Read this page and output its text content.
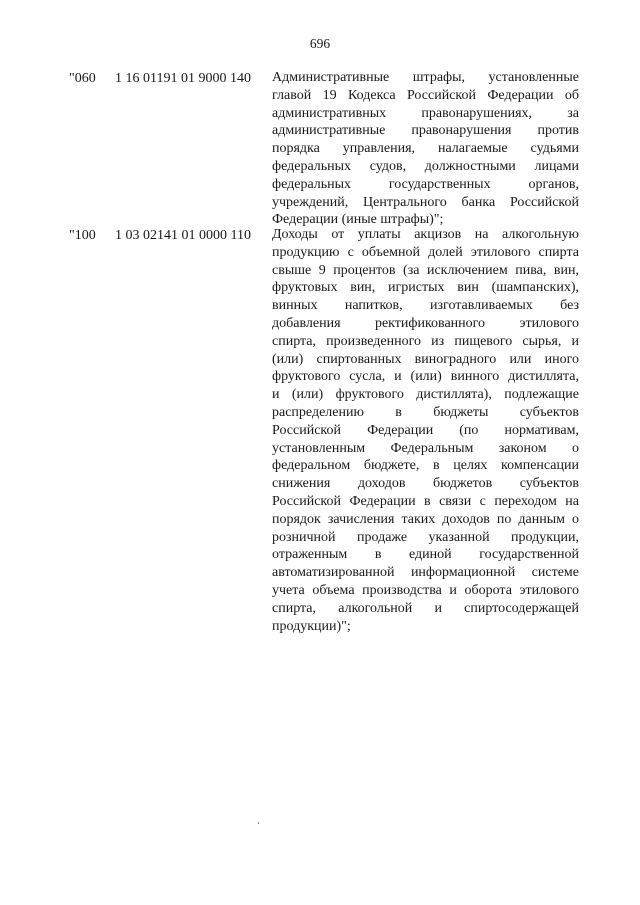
696
"060 1 16 01191 01 9000 140 Административные штрафы, установленные
главой 19 Кодекса Российской Федерации об
административных правонарушениях, за
административные правонарушения против
порядка управления, налагаемые судьями
федеральных судов, должностными лицами
федеральных государственных органов,
учреждений, Центрального банка Российской
Федерации (иные штрафы)";
"100 1 03 02141 01 0000 110 Доходы от уплаты акцизов на алкогольную
продукцию с объемной долей этилового спирта
свыше 9 процентов (за исключением пива, вин,
фруктовых вин, игристых вин (шампанских),
винных напитков, изготавливаемых без
добавления ректификованного этилового
спирта, произведенного из пищевого сырья, и
(или) спиртованных виноградного или иного
фруктового сусла, и (или) винного дистиллята,
и (или) фруктового дистиллята), подлежащие
распределению в бюджеты субъектов
Российской Федерации (по нормативам,
установленным Федеральным законом о
федеральном бюджете, в целях компенсации
снижения доходов бюджетов субъектов
Российской Федерации в связи с переходом на
порядок зачисления таких доходов по данным о
розничной продаже указанной продукции,
отраженным в единой государственной
автоматизированной информационной системе
учета объема производства и оборота этилового
спирта, алкогольной и спиртосодержащей
продукции)";
